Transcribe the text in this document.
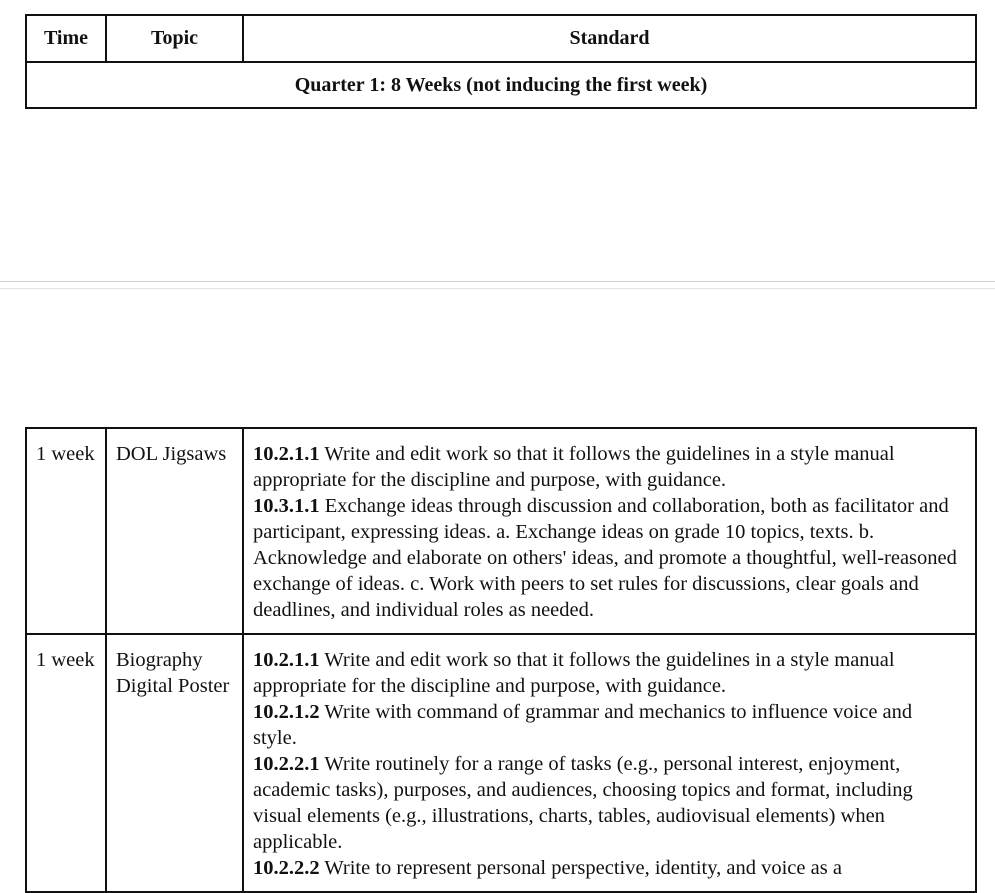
Time	Topic	Standard
Quarter 1: 8 Weeks (not inducing the first week)
1 week	DOL Jigsaws	10.2.1.1 Write and edit work so that it follows the guidelines in a style manual appropriate for the discipline and purpose, with guidance.
10.3.1.1 Exchange ideas through discussion and collaboration, both as facilitator and participant, expressing ideas. a. Exchange ideas on grade 10 topics, texts. b. Acknowledge and elaborate on others' ideas, and promote a thoughtful, well-reasoned exchange of ideas. c. Work with peers to set rules for discussions, clear goals and deadlines, and individual roles as needed.

1 week	Biography Digital Poster	10.2.1.1 Write and edit work so that it follows the guidelines in a style manual appropriate for the discipline and purpose, with guidance.
10.2.1.2 Write with command of grammar and mechanics to influence voice and style.
10.2.2.1 Write routinely for a range of tasks (e.g., personal interest, enjoyment, academic tasks), purposes, and audiences, choosing topics and format, including visual elements (e.g., illustrations, charts, tables, audiovisual elements) when applicable.
10.2.2.2 Write to represent personal perspective, identity, and voice as a
